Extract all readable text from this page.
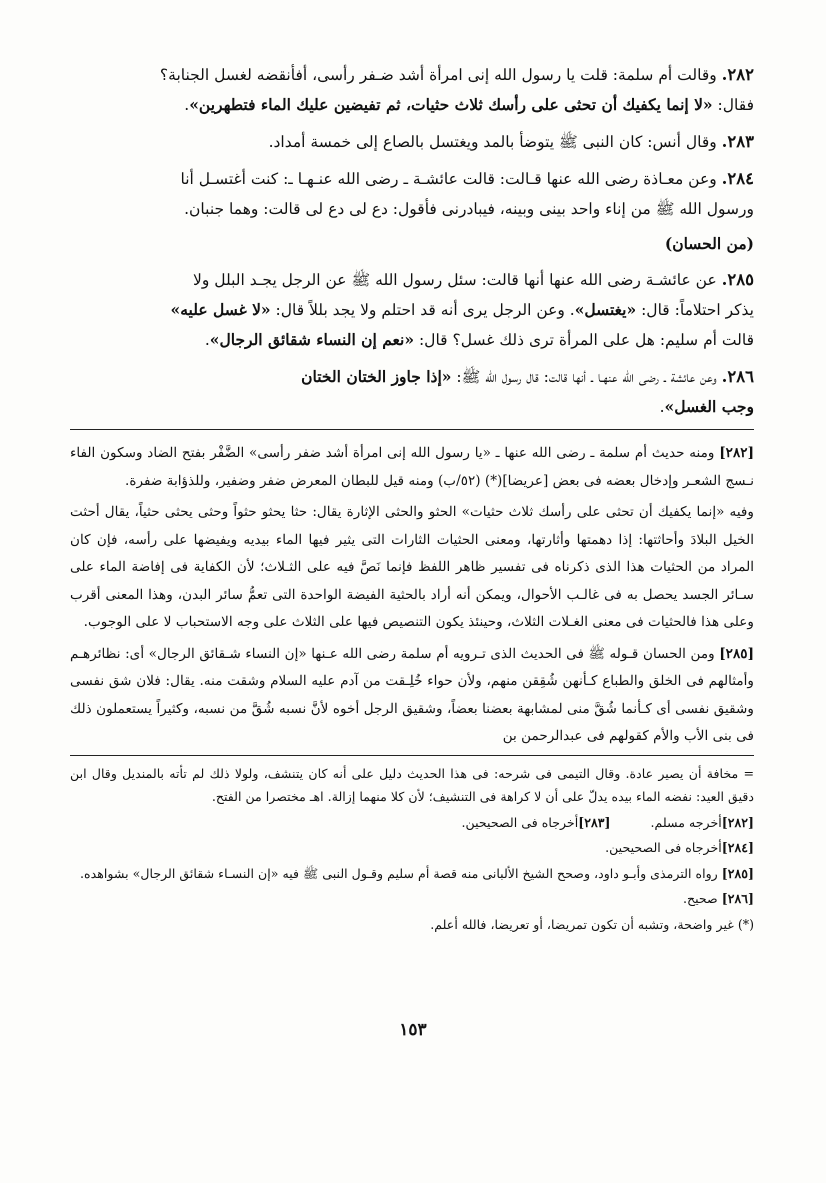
٢٨٢. وقالت أم سلمة: قلت يا رسول الله إنى امرأة أشد ضـفر رأسى، أفأنقضه لغسل الجنابة؟
فقال: «لا إنما يكفيك أن تحثى على رأسك ثلاث حثيات، ثم تفيضين عليك الماء فتطهرين».

٢٨٣. وقال أنس: كان النبى ﷺ يتوضأ بالمد ويغتسل بالصاع إلى خمسة أمداد.

٢٨٤. وعن معـاذة رضى الله عنها قـالت: قالت عائشـة ـ رضى الله عنـهـا ـ: كنت أغتسـل أنا
ورسول الله ﷺ من إناء واحد بينى وبينه، فيبادرنى فأقول: دع لى دع لى قالت: وهما جنبان.

(من الحسان)

٢٨٥. عن عائشـة رضى الله عنها أنها قالت: سئل رسول الله ﷺ عن الرجل يجـد البلل ولا
يذكر احتلاماً: قال: «يغتسل». وعن الرجل يرى أنه قد احتلم ولا يجد بللاً قال: «لا غسل عليه»
قالت أم سليم: هل على المرأة ترى ذلك غسل؟ قال: «نعم إن النساء شقائق الرجال».

٢٨٦. وعن عائشة ـ رضى الله عنهـا ـ أنها قالت: قال رسول الله ﷺ: «إذا جاوز الختان الختان
وجب الغسل».

[٢٨٢] ومنه حديث أم سلمة ـ رضى الله عنها ـ «يا رسول الله إنى امرأة أشد ضفر رأسى» الضَّفْر بفتح الضاد وسكون الفاء نـسج الشعـر وإدخال بعضه فى بعض [عريضا](*) (٥٢/ب) ومنه قيل للبطان المعرض ضفر وضفير، وللذؤابة ضفرة.

وفيه «إنما يكفيك أن تحثى على رأسك ثلاث حثيات» الحثو والحثى الإثارة يقال: حثا يحثو حثواً وحثى يحثى حثياً، يقال أحثت الخيل البلادَ وأحاثتها: إذا دهمتها وأثارتها، ومعنى الحثيات الثارات التى يثير فيها الماء بيديه ويفيضها على رأسه، فإن كان المراد من الحثيات هذا الذى ذكرناه فى تفسير ظاهر اللفظ فإنما نَصَّ فيه على الثـلاث؛ لأن الكفاية فى إفاضة الماء على سـائر الجسد يحصل به فى غالـب الأحوال، ويمكن أنه أراد بالحثية الفيضة الواحدة التى تعمُّ سائر البدن، وهذا المعنى أقرب وعلى هذا فالحثيات فى معنى الغـلات الثلاث، وحينئذ يكون التنصيص فيها على الثلاث على وجه الاستحباب لا على الوجوب.

[٢٨٥] ومن الحسان قـوله ﷺ فى الحديث الذى تـرويه أم سلمة رضى الله عـنها «إن النساء شـقائق الرجال» أى: نظائرهـم وأمثالهم فى الخلق والطباع كـأنهن شُقِقن منهم، ولأن حواء خُلِـقت من آدم عليه السلام وشقت منه. يقال: فلان شق نفسى وشقيق نفسى أى كـأنما شُقَّ منى لمشابهة بعضنا بعضاً، وشقيق الرجل أخوه لأنَّ نسبه شُقَّ من نسبه، وكثيراً يستعملون ذلك فى بنى الأب والأم كقولهم فى عبدالرحمن بن

= مخافة أن يصير عادة. وقال التيمى فى شرحه: فى هذا الحديث دليل على أنه كان يتنشف، ولولا ذلك لم تأته بالمنديل وقال ابن دقيق العيد: نفضه الماء بيده يدلّ على أن لا كراهة فى التنشيف؛ لأن كلا منهما إزالة. اهـ مختصرا من الفتح.

[٢٨٢]أخرجه مسلم.
[٢٨٣]أخرجاه فى الصحيحين.

[٢٨٤]أخرجاه فى الصحيحين.

[٢٨٥] رواه الترمذى وأبـو داود، وصحح الشيخ الألبانى منه قصة أم سليم وقـول النبى ﷺ فيه «إن النسـاء شقائق الرجال» بشواهده.

[٢٨٦] صحيح.

(*) غير واضحة، وتشبه أن تكون تمريضا، أو تعريضا، فالله أعلم.

١٥٣
